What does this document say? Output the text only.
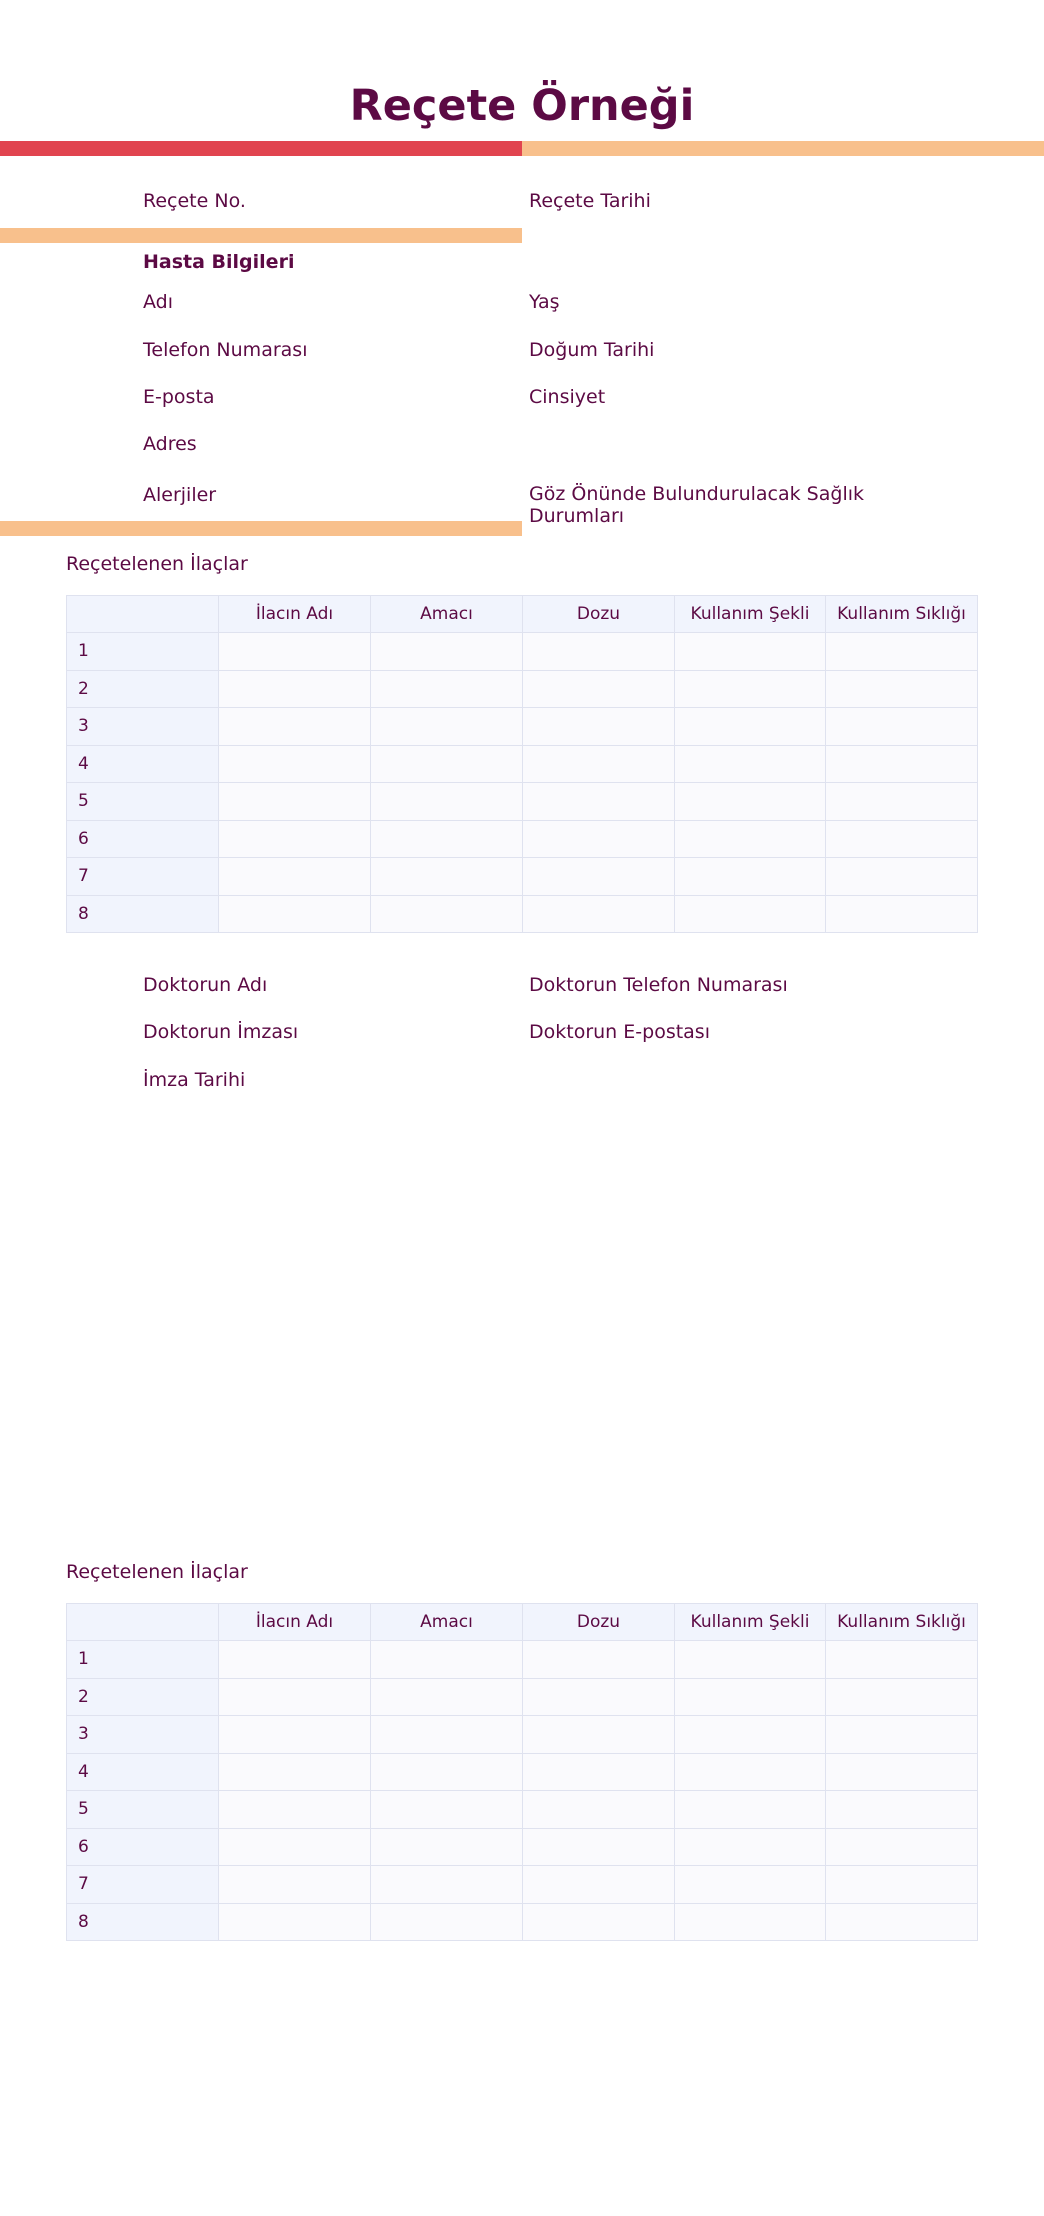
Reçete Örneği
Reçete No.	Reçete Tarihi
Hasta Bilgileri
Adı	Yaş
Telefon Numarası	Doğum Tarihi
E-posta	Cinsiyet
Adres
Alerjiler	Göz Önünde Bulundurulacak Sağlık Durumları
Reçetelenen İlaçlar
	İlacın Adı	Amacı	Dozu	Kullanım Şekli	Kullanım Sıklığı
1					
2					
3					
4					
5					
6					
7					
8					
Doktorun Adı	Doktorun Telefon Numarası
Doktorun İmzası	Doktorun E-postası
İmza Tarihi
Reçetelenen İlaçlar
	İlacın Adı	Amacı	Dozu	Kullanım Şekli	Kullanım Sıklığı
1					
2					
3					
4					
5					
6					
7					
8					
